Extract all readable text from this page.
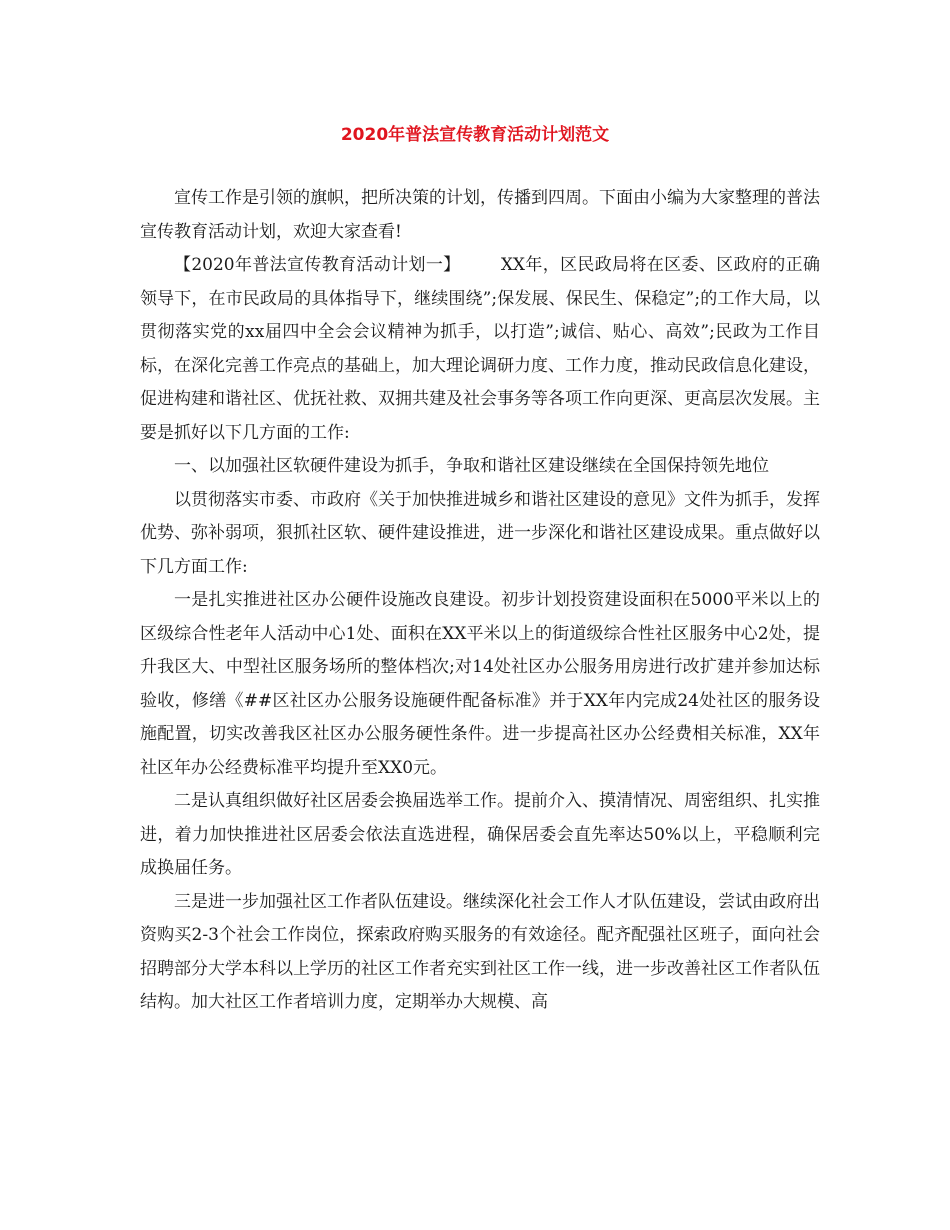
2020年普法宣传教育活动计划范文

宣传工作是引领的旗帜，把所决策的计划，传播到四周。下面由小编为大家整理的普法宣传教育活动计划，欢迎大家查看!

【2020年普法宣传教育活动计划一】       XX年，区民政局将在区委、区政府的正确领导下，在市民政局的具体指导下，继续围绕”;保发展、保民生、保稳定”;的工作大局，以贯彻落实党的xx届四中全会会议精神为抓手，以打造”;诚信、贴心、高效”;民政为工作目标，在深化完善工作亮点的基础上，加大理论调研力度、工作力度，推动民政信息化建设，促进构建和谐社区、优抚社救、双拥共建及社会事务等各项工作向更深、更高层次发展。主要是抓好以下几方面的工作:

一、以加强社区软硬件建设为抓手，争取和谐社区建设继续在全国保持领先地位

以贯彻落实市委、市政府《关于加快推进城乡和谐社区建设的意见》文件为抓手，发挥优势、弥补弱项，狠抓社区软、硬件建设推进，进一步深化和谐社区建设成果。重点做好以下几方面工作:

一是扎实推进社区办公硬件设施改良建设。初步计划投资建设面积在5000平米以上的区级综合性老年人活动中心1处、面积在XX平米以上的街道级综合性社区服务中心2处，提升我区大、中型社区服务场所的整体档次;对14处社区办公服务用房进行改扩建并参加达标验收，修缮《##区社区办公服务设施硬件配备标准》并于XX年内完成24处社区的服务设施配置，切实改善我区社区办公服务硬性条件。进一步提高社区办公经费相关标准，XX年社区年办公经费标准平均提升至XX0元。

二是认真组织做好社区居委会换届选举工作。提前介入、摸清情况、周密组织、扎实推进，着力加快推进社区居委会依法直选进程，确保居委会直先率达50%以上，平稳顺利完成换届任务。

三是进一步加强社区工作者队伍建设。继续深化社会工作人才队伍建设，尝试由政府出资购买2-3个社会工作岗位，探索政府购买服务的有效途径。配齐配强社区班子，面向社会招聘部分大学本科以上学历的社区工作者充实到社区工作一线，进一步改善社区工作者队伍结构。加大社区工作者培训力度，定期举办大规模、高
